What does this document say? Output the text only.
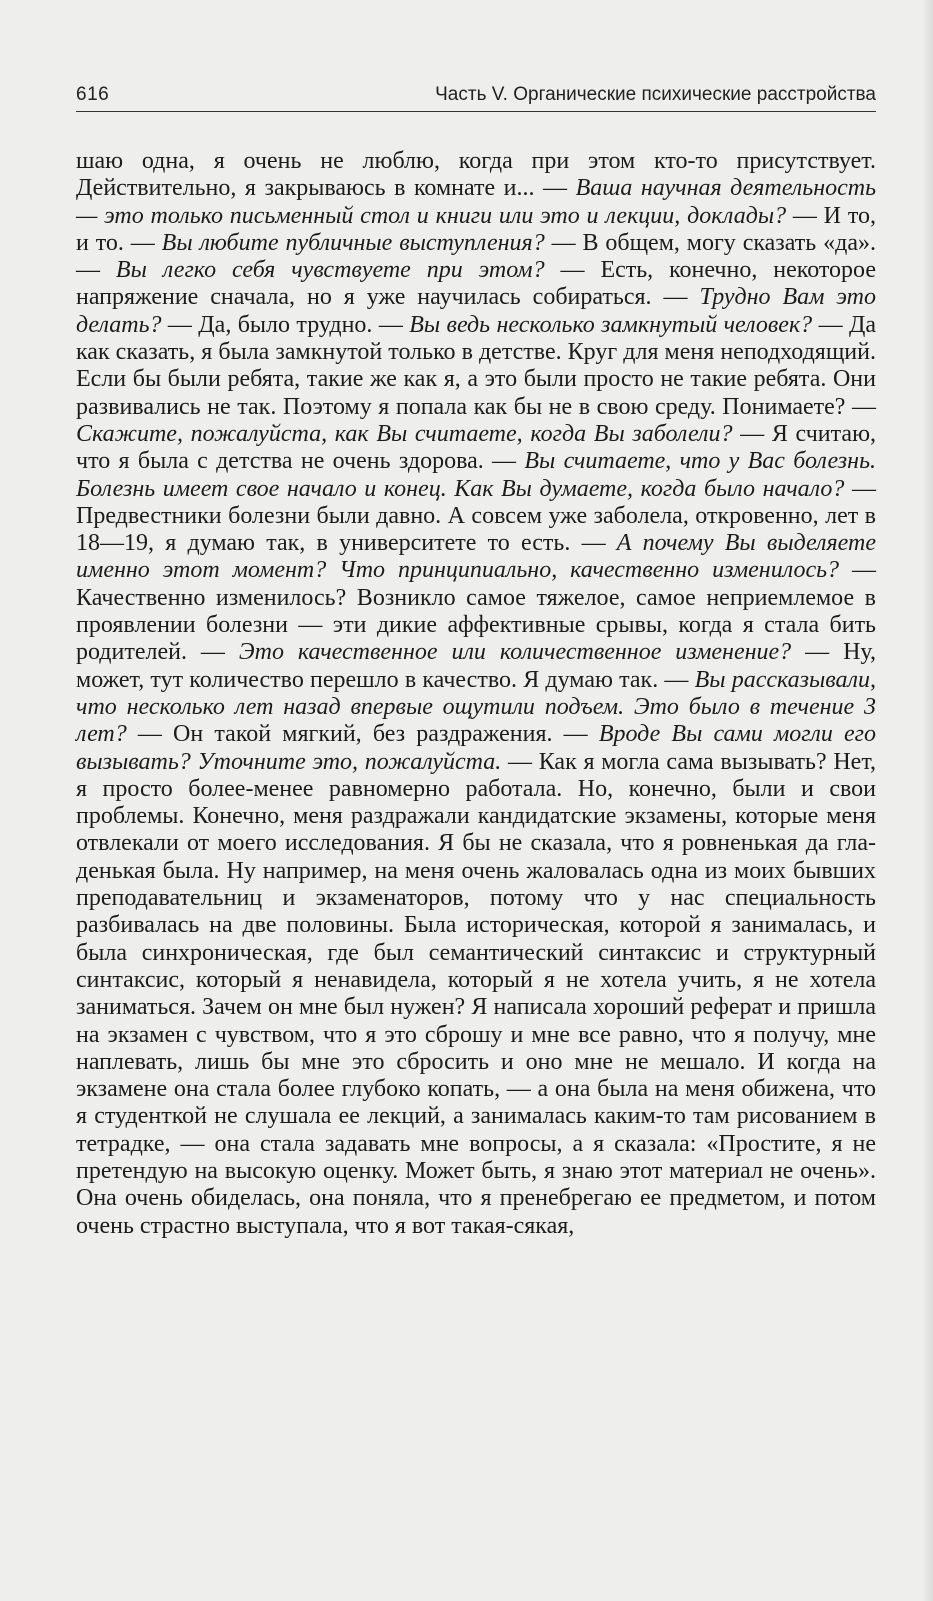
616	Часть V. Органические психические расстройства
шаю одна, я очень не люблю, когда при этом кто-то присутствует. Действительно, я закрываюсь в комнате и... — Ваша научная деятельность — это только письменный стол и книги или это и лекции, доклады? — И то, и то. — Вы любите публичные выступления? — В общем, могу сказать «да». — Вы легко себя чувствуете при этом? — Есть, конечно, некоторое напряжение сначала, но я уже научилась собираться. — Трудно Вам это делать? — Да, было трудно. — Вы ведь несколько замкнутый человек? — Да как сказать, я была замкнутой только в детстве. Круг для меня неподходящий. Если бы были ребята, такие же как я, а это были просто не такие ребята. Они развивались не так. Поэтому я попала как бы не в свою среду. Понимаете? — Скажите, пожалуйста, как Вы считаете, когда Вы заболели? — Я считаю, что я была с детства не очень здорова. — Вы считаете, что у Вас болезнь. Болезнь имеет свое начало и конец. Как Вы думаете, когда было начало? — Предвестники болезни были давно. А совсем уже заболела, откровенно, лет в 18—19, я думаю так, в университете то есть. — А почему Вы выделяете именно этот момент? Что принципиально, качественно изменилось? — Качественно изменилось? Возникло самое тяжелое, самое неприемлемое в проявлении болезни — эти дикие аффективные срывы, когда я стала бить родителей. — Это качественное или количественное изменение? — Ну, может, тут количество перешло в качество. Я думаю так. — Вы рассказывали, что несколько лет назад впервые ощутили подъем. Это было в течение 3 лет? — Он такой мягкий, без раздражения. — Вроде Вы сами могли его вызывать? Уточните это, пожалуйста. — Как я могла сама вызывать? Нет, я просто более-менее равномерно работала. Но, конечно, были и свои проблемы. Конечно, меня раздражали кандидатские экзамены, которые меня отвлекали от моего исследования. Я бы не сказала, что я ровненькая да гладенькая была. Ну например, на меня очень жаловалась одна из моих бывших преподавательниц и экзаменаторов, потому что у нас специальность разбивалась на две половины. Была историческая, которой я занималась, и была синхроническая, где был семантический синтаксис и структурный синтаксис, который я ненавидела, который я не хотела учить, я не хотела заниматься. Зачем он мне был нужен? Я написала хороший реферат и пришла на экзамен с чувством, что я это сброшу и мне все равно, что я получу, мне наплевать, лишь бы мне это сбросить и оно мне не мешало. И когда на экзамене она стала более глубоко копать, — а она была на меня обижена, что я студенткой не слушала ее лекций, а занималась каким-то там рисованием в тетрадке, — она стала задавать мне вопросы, а я сказала: «Простите, я не претендую на высокую оценку. Может быть, я знаю этот материал не очень». Она очень обиделась, она поняла, что я пренебрегаю ее предметом, и потом очень страстно выступала, что я вот такая-сякая,
